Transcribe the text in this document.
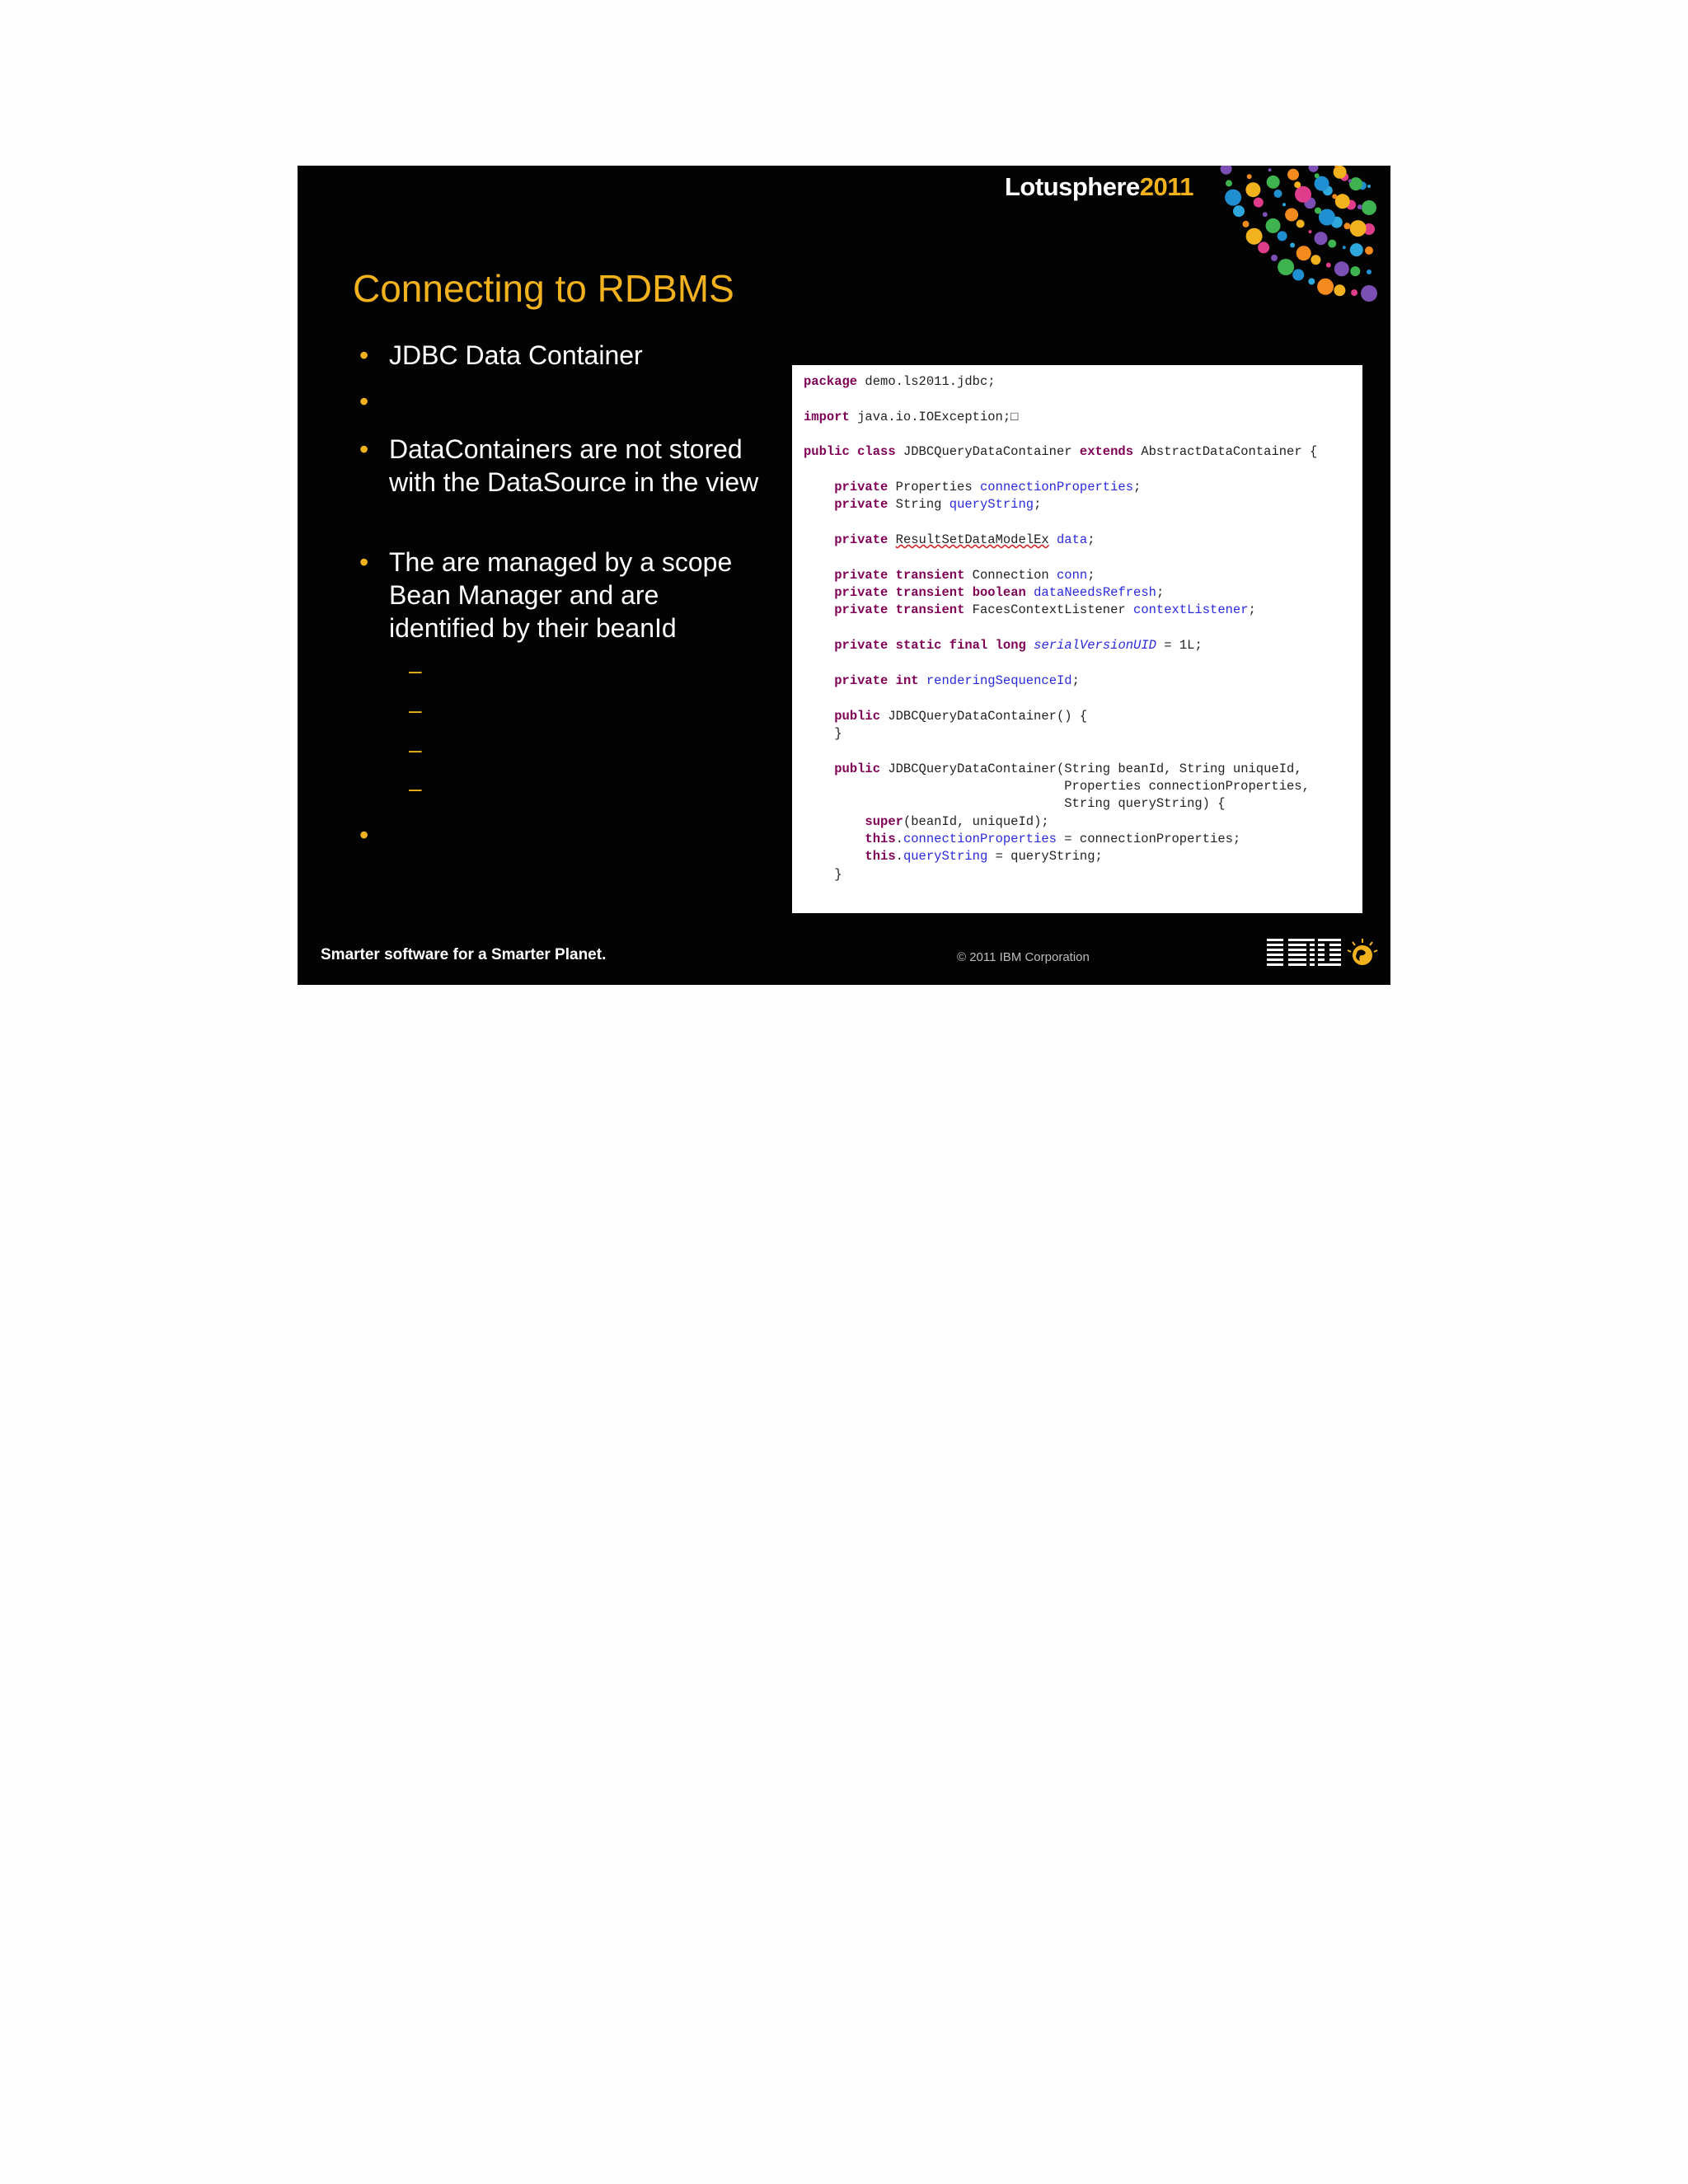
Lotusphere2011
Connecting to RDBMS
• JDBC Data Container
•
• DataContainers are not stored with the DataSource in the view
• The are managed by a scope Bean Manager and are identified by their beanId
–
–
–
–
•
package demo.ls2011.jdbc;

import java.io.IOException;□

public class JDBCQueryDataContainer extends AbstractDataContainer {

private Properties connectionProperties;
private String queryString;

private ResultSetDataModelEx data;

private transient Connection conn;
private transient boolean dataNeedsRefresh;
private transient FacesContextListener contextListener;

private static final long serialVersionUID = 1L;

private int renderingSequenceId;

public JDBCQueryDataContainer() {
}

public JDBCQueryDataContainer(String beanId, String uniqueId,
Properties connectionProperties,
String queryString) {
super(beanId, uniqueId);
this.connectionProperties = connectionProperties;
this.queryString = queryString;
}

Smarter software for a Smarter Planet.	© 2011 IBM Corporation
